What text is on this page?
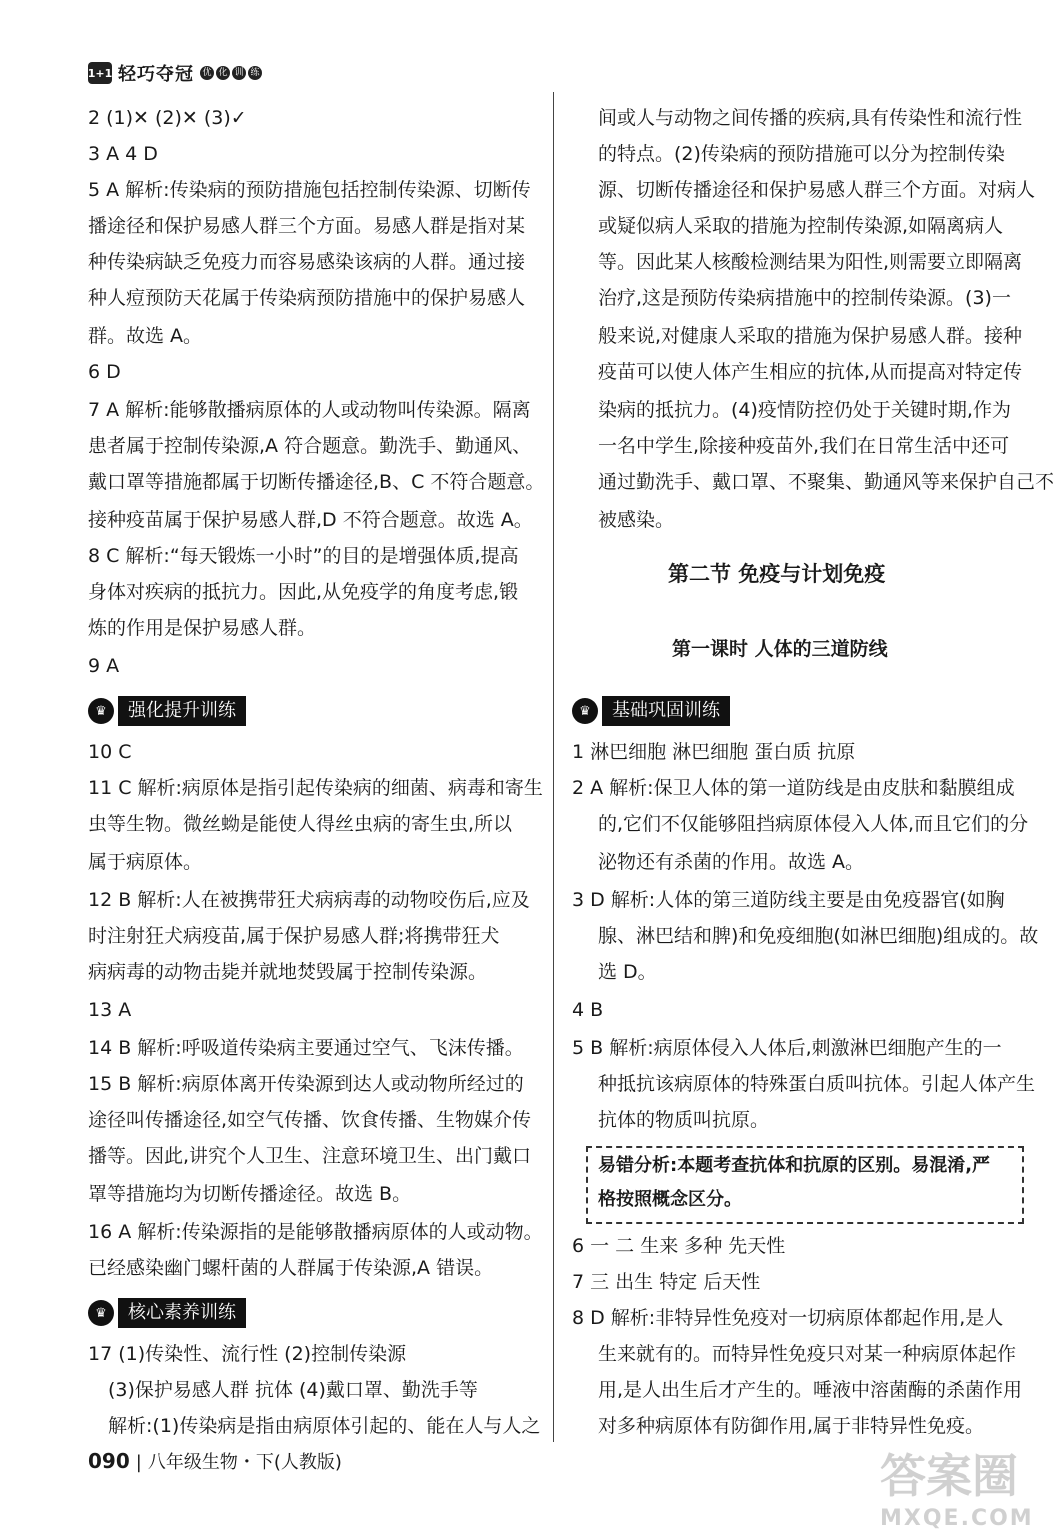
1+1 轻巧夺冠 优 化 训 练
2 (1)✕ (2)✕ (3)✓
3 A 4 D
5 A 解析:传染病的预防措施包括控制传染源、切断传
播途径和保护易感人群三个方面。易感人群是指对某
种传染病缺乏免疫力而容易感染该病的人群。通过接
种人痘预防天花属于传染病预防措施中的保护易感人
群。故选 A。
6 D
7 A 解析:能够散播病原体的人或动物叫传染源。隔离
患者属于控制传染源,A 符合题意。勤洗手、勤通风、
戴口罩等措施都属于切断传播途径,B、C 不符合题意。
接种疫苗属于保护易感人群,D 不符合题意。故选 A。
8 C 解析:“每天锻炼一小时”的目的是增强体质,提高
身体对疾病的抵抗力。因此,从免疫学的角度考虑,锻
炼的作用是保护易感人群。
9 A
♛	强化提升训练
10 C
11 C 解析:病原体是指引起传染病的细菌、病毒和寄生
虫等生物。微丝蚴是能使人得丝虫病的寄生虫,所以
属于病原体。
12 B 解析:人在被携带狂犬病病毒的动物咬伤后,应及
时注射狂犬病疫苗,属于保护易感人群;将携带狂犬
病病毒的动物击毙并就地焚毁属于控制传染源。
13 A
14 B 解析:呼吸道传染病主要通过空气、飞沫传播。
15 B 解析:病原体离开传染源到达人或动物所经过的
途径叫传播途径,如空气传播、饮食传播、生物媒介传
播等。因此,讲究个人卫生、注意环境卫生、出门戴口
罩等措施均为切断传播途径。故选 B。
16 A 解析:传染源指的是能够散播病原体的人或动物。
已经感染幽门螺杆菌的人群属于传染源,A 错误。
♛	核心素养训练
17 (1)传染性、流行性 (2)控制传染源
(3)保护易感人群 抗体 (4)戴口罩、勤洗手等
解析:(1)传染病是指由病原体引起的、能在人与人之
间或人与动物之间传播的疾病,具有传染性和流行性
的特点。(2)传染病的预防措施可以分为控制传染
源、切断传播途径和保护易感人群三个方面。对病人
或疑似病人采取的措施为控制传染源,如隔离病人
等。因此某人核酸检测结果为阳性,则需要立即隔离
治疗,这是预防传染病措施中的控制传染源。(3)一
般来说,对健康人采取的措施为保护易感人群。接种
疫苗可以使人体产生相应的抗体,从而提高对特定传
染病的抵抗力。(4)疫情防控仍处于关键时期,作为
一名中学生,除接种疫苗外,我们在日常生活中还可
通过勤洗手、戴口罩、不聚集、勤通风等来保护自己不
被感染。
第二节 免疫与计划免疫
第一课时 人体的三道防线
♛	基础巩固训练
1 淋巴细胞 淋巴细胞 蛋白质 抗原
2 A 解析:保卫人体的第一道防线是由皮肤和黏膜组成
的,它们不仅能够阻挡病原体侵入人体,而且它们的分
泌物还有杀菌的作用。故选 A。
3 D 解析:人体的第三道防线主要是由免疫器官(如胸
腺、淋巴结和脾)和免疫细胞(如淋巴细胞)组成的。故
选 D。
4 B
5 B 解析:病原体侵入人体后,刺激淋巴细胞产生的一
种抵抗该病原体的特殊蛋白质叫抗体。引起人体产生
抗体的物质叫抗原。
易错分析:本题考查抗体和抗原的区别。易混淆,严
格按照概念区分。
6 一 二 生来 多种 先天性
7 三 出生 特定 后天性
8 D 解析:非特异性免疫对一切病原体都起作用,是人
生来就有的。而特异性免疫只对某一种病原体起作
用,是人出生后才产生的。唾液中溶菌酶的杀菌作用
对多种病原体有防御作用,属于非特异性免疫。
090 | 八年级生物・下(人教版)	答案圈
MXQE.COM
